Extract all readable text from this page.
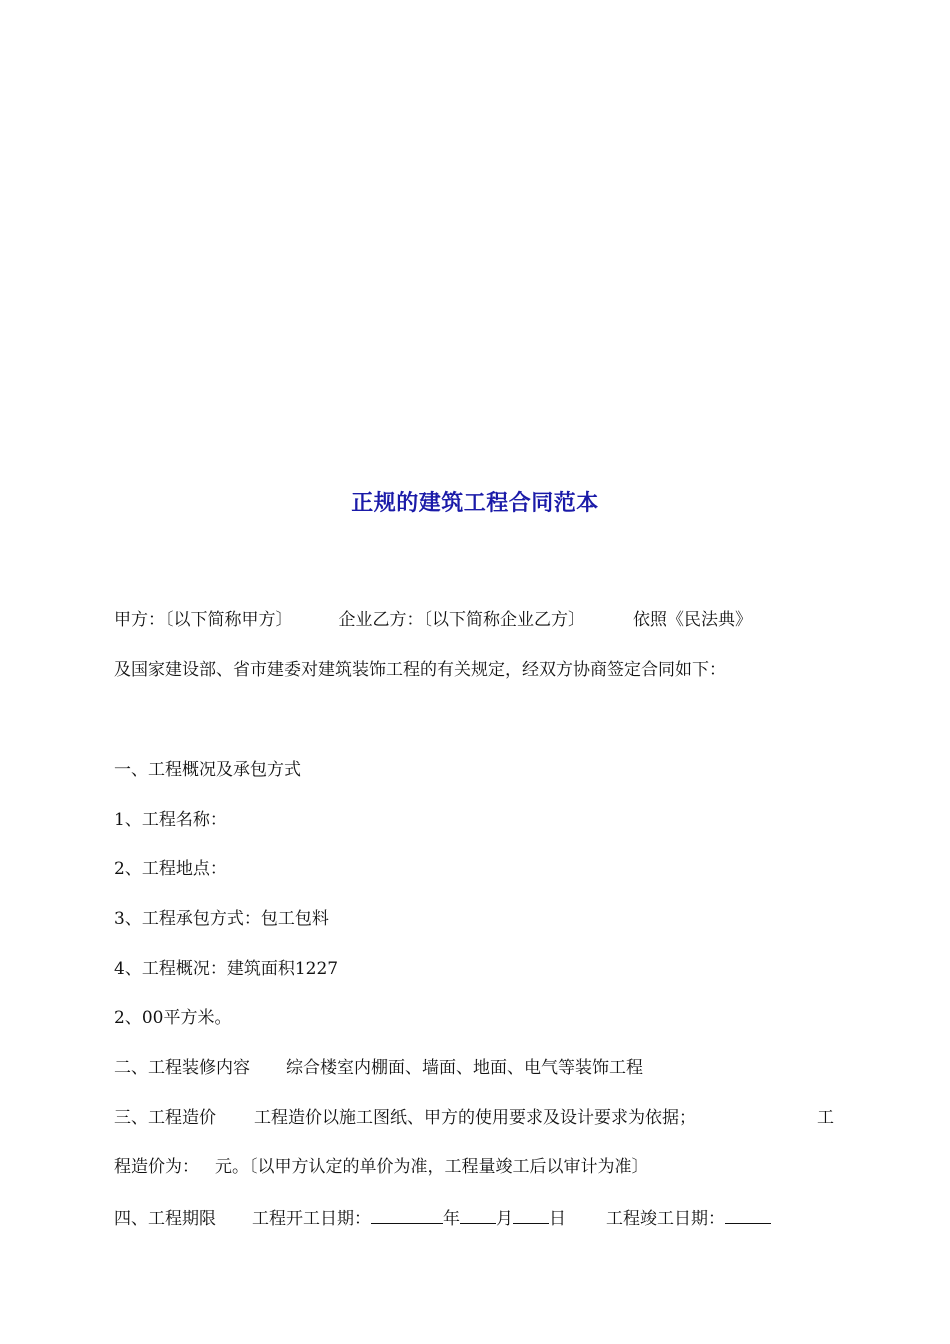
正规的建筑工程合同范本
甲方：〔以下简称甲方〕	企业乙方：〔以下简称企业乙方〕	依照《民法典》
及国家建设部、省市建委对建筑装饰工程的有关规定，经双方协商签定合同如下：
一、工程概况及承包方式
1、工程名称：
2、工程地点：
3、工程承包方式：包工包料
4、工程概况：建筑面积1227
2、00平方米。
二、工程装修内容 综合楼室内棚面、墙面、地面、电气等装饰工程
三、工程造价 工程造价以施工图纸、甲方的使用要求及设计要求为依据；	工
程造价为： 元。〔以甲方认定的单价为准，工程量竣工后以审计为准〕
四、工程期限 工程开工日期：	年 月 日 工程竣工日期：
